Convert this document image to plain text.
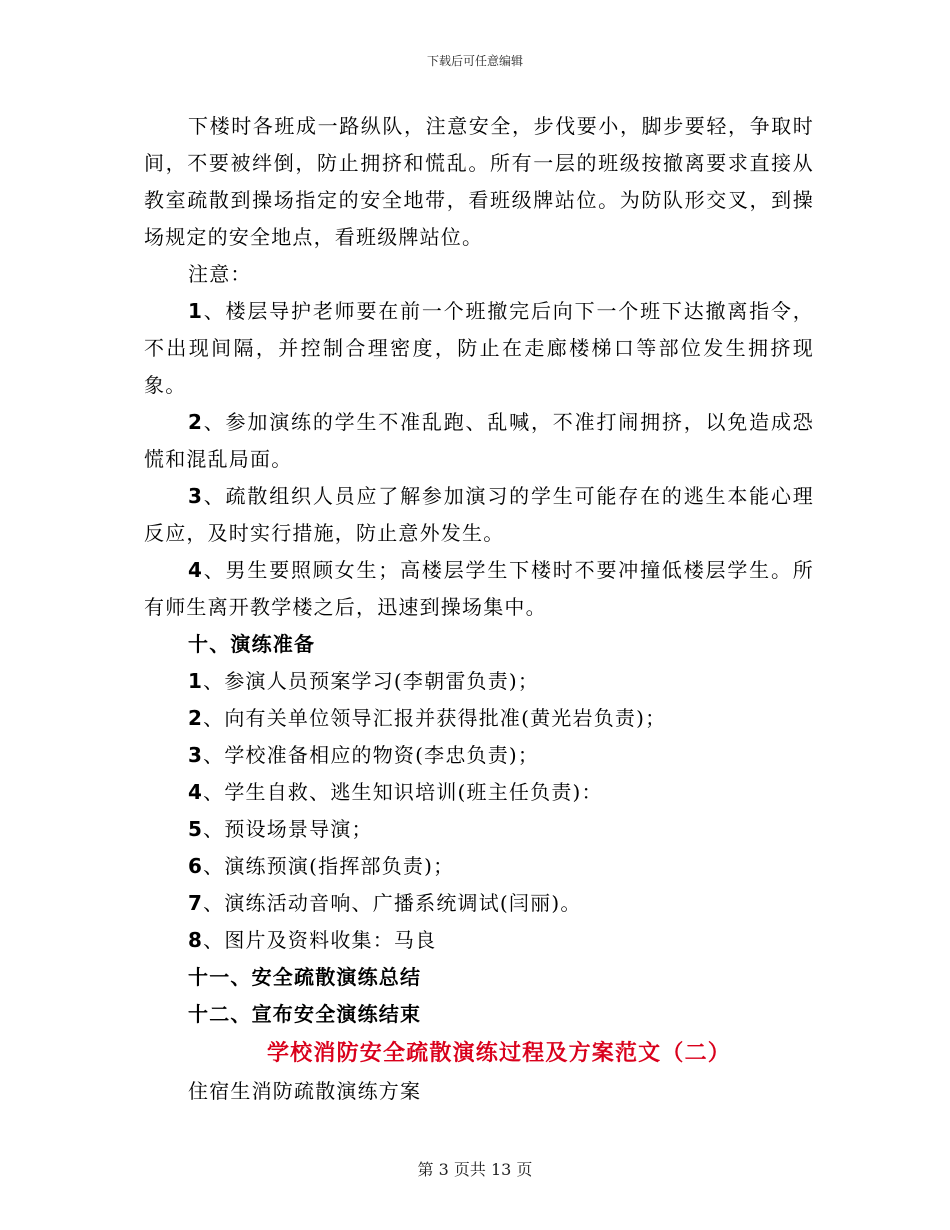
下载后可任意编辑

下楼时各班成一路纵队，注意安全，步伐要小，脚步要轻，争取时间，不要被绊倒，防止拥挤和慌乱。所有一层的班级按撤离要求直接从教室疏散到操场指定的安全地带，看班级牌站位。为防队形交叉，到操场规定的安全地点，看班级牌站位。

注意：

1、楼层导护老师要在前一个班撤完后向下一个班下达撤离指令，不出现间隔，并控制合理密度，防止在走廊楼梯口等部位发生拥挤现象。

2、参加演练的学生不准乱跑、乱喊，不准打闹拥挤，以免造成恐慌和混乱局面。

3、疏散组织人员应了解参加演习的学生可能存在的逃生本能心理反应，及时实行措施，防止意外发生。

4、男生要照顾女生；高楼层学生下楼时不要冲撞低楼层学生。所有师生离开教学楼之后，迅速到操场集中。

十、演练准备

1、参演人员预案学习(李朝雷负责)；

2、向有关单位领导汇报并获得批准(黄光岩负责)；

3、学校准备相应的物资(李忠负责)；

4、学生自救、逃生知识培训(班主任负责)：

5、预设场景导演；

6、演练预演(指挥部负责)；

7、演练活动音响、广播系统调试(闫丽)。

8、图片及资料收集：马良

十一、安全疏散演练总结

十二、宣布安全演练结束

学校消防安全疏散演练过程及方案范文（二）

住宿生消防疏散演练方案

第 3 页共 13 页
